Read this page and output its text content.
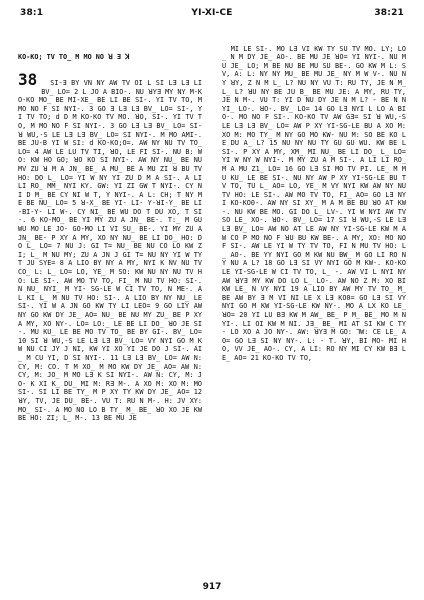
38:1	YI-XI-CE	38:21

KO-KO; TV TO_ M MO NO ꓤ Ǝ ꓘ

38 SI-Ǝ BY VN NY AW TV OI L SI LƎ LƎ LI BV_ LO= 2 L JO A BIO-. NU ꓤYƎ MY NY M-KO-KO MO_ BE MI-XE_ BE LI BE SI-. YI TV TO, M MO NO F SI NYI-. 3 GO Ǝ LƎ LƎ BV_ LO= SI-, YI TV TO; d D M KO-KO TV MO. ꓤO, SI-. YI TV TO, M MO NO F SI NYI-. 3 GO LƎ LƎ BV_ LO= SI-ꓤ WU,-S LE LƎ LƎ BV_ LO= SI NYI-. M MO AMI-. BE JU-B YI W SI: d KO-KO;O=. AW NY NU TV TO_ LO= 4 AW LE LU TV TI, ꓤO, LE FI SI-. NU B: WO: KW HO GO; ꓤO KO SI NYI-. AW NY NU_ BE NU MV ZU ꓤ M A JN_ BE_ A MU_ BE A MU ZI ꓤ BU TV HO: DO L_ LO= YI W NY YI ZU D M A SI-. A LI LI RO_ MM_ NYI KY. GW: YI ZI GW T NYI-. CY NI D M_ BE CY NI W T, Y NYI-. A L: CH; T NY ME BE NU_ LO= 5 ꓤ-X_ BE YI- LI- Y-ꓤI-Y_ BE LI-BI-Y- LI W-. CY NI_ BE WU DO T DU XO, T SI-. 6 KO-MO_ BE YI MY ZU A JN_ BE-. T:_ M GU WU MO LE JO- GO-MO LI VI SU_ BE-. YI MY ZU A JN_ BE- P XY A MY, XO NY NU_ BE LI DO_ HO: DO L_ LO= 7 NU J: GI T= NU_ BE NU CO LO KW ZI; L_ M NU MY; ZU A JN J GI T= NU NY YI W TY T JU SYE= 8 A LIO BY NY A MY, NYI K NV NU TV CO_ L: L_ LO= LO, YE_ M SO: KW NU NY NU TV HO: LE SI-. AW MO TV TO, FI_ M NU TV HO: SI-. N NU_ NYI_ M YI- SG-LE W CI TV TO, N ME-. A L KI L_ M NU TV HO: SI-. A LIO BY NY NU_ LE SI-. YI W A JN GO KW TY LI LEO= 9 GO LIY AW NY GO KW DY JE_ AO= NU_ BE NU MY ZU_ BE P XY A MY, XO NY-. LO= LO:_ LE BE LI DO_ ꓤO JE SI-. MU KU_ LE BE MO TV TO_ BE BY GI-. BV_ LO= 10 SI ꓤ WU,-S LE LƎ LƎ BV_ LO= VY NYI GO M KW NU CI JY J NI, KW YI XO YI JE DO J SI-. AI_ M CU YI, D SI NYI-. 11 LƎ LƎ BV_ LO= AW N: CY, M: CO. T M XO_ M MO KW DY JE_ AO= AW N: CY, M: JO_ M MO LƎ K SI NYI-. AW N: CY, M: JO- K XI K_ DU_ MI M: RƎ M-. A XO M: XO M: MO SI-. SI LI BE TY_ M P XY TY KW DY JE_ AO= 12 ꓤY, TV, JE DU_ BE-. VU T: RU N M-. H: JV XY: MO_ SI-. A MO NO LO B TY_ M_ BE_ ꓤO XO JE KW BE HO: ZI; L_ M-. 13 BE MU JE

MI LE SI-. MO LƎ VI KW TY SU TV MO. LY; LO_ N M DY JE_ AO-. BE MU JE ꓤO= YI NYI-. NU MU JE_ LO; M BE NU BE MU SU BE-. GO KW M L: SV, A: L: NY NY MU_ BE MU JE_ NY M W V-. NU NY ꓤY, Z N M L_ L? NU NY VU T: RU TY, JE N M_ L_ L? ꓤU NY BE JU B_ BE MU JE: A MY, RU TY, JE N M-. VU T: YI D NU DY JE N M L? - BE N NYI_ LO-. ꓤO-. BV_ LO= 14 GO LƎ NYI L LO A BIO-. MO NO F SI-. KO-KO TV AW GƎ= SI ꓤ WU,-S LE LƎ LƎ BV_ LO= AW P XY YI-SG-LE BU A XO M: XO M: MO TY_ M NY GO MO KW- NU M: SO BE KO LE DU A_ L? 15 NU NY NU TY GU GU WU. KW BE L SI-. P XY A MY, XM_ MI NU_ BE LI DO_ L_ LO= YI W NY W NYI-. M MY ZU A M SI-. A LI LI RO_ M A MU Z1_ LO= 16 GO LƎ SI MO TV PI. LE_ M MU KU_ LE BE SI-. NU NY AW P XY YI-SG-LE BU TV TO, TU L_ AO= LO, YE_ M VY NYI KW AW NY NU TV HO: LE SI-. AW MO TV TO, FI_ AO= GO LƎ NYI KO-KO0-. AW NY SI XY_ M A M BE BU ꓤO AT KW-. NU KW BE MO. GI DO L_ LV-. YI W NYI AW TV SO LE_ XO-. ꓤO-. BV_ LO= 17 SI ꓤ WU,-S LE LƎ LƎ BV_ LO= AW NO AT LE AW NY YI-SG-LE KW M AW CO P MO NO F ꓤU BU KW BE-. A MY, XO: MO NO F SI-. AW LE YI W TY TV TO, FI N MU TV HO: L_ AO-. BE YY NYI GO M KW NU BW_ M GO LI RO NY NU A L? 18 GO LƎ SI VY NYI GO M KW-. KO-KO LE YI-SG-LE W CI TV TO, L_ -. AW VI L NYI NY AW ꓤYƎ MY KW DO LO L_ LO-. AW NO Z M: XO BI KW LE_ N VY NYI 19 A LIO BY AW MY TV TO_ M_ BE AW BY Ǝ M VI NI LE X LƎ KO0= GO LƎ SI VY NYI GO M KW YI-SG-LE KW NY-. MO A LX KO LE_ ꓤO= 20 YI LU BƎ KW M AW_ BE_ P M_ BE_ MO M NYI-. LI OI KW M NI. JƎ_ BE_ MI AT SI KW C TY- LO XO A JO NY-. AW: ꓤYƎ M GO: ⅂W: CE LE_ AO= GO LƎ SI NY NY-. L: - T. ꓤY, BI MO- MI HO, VV JE_ AO-. CY, A LI: RO NY MI CY KW BƎ LE_ AO= 21 KO-KO TV TO,

917
